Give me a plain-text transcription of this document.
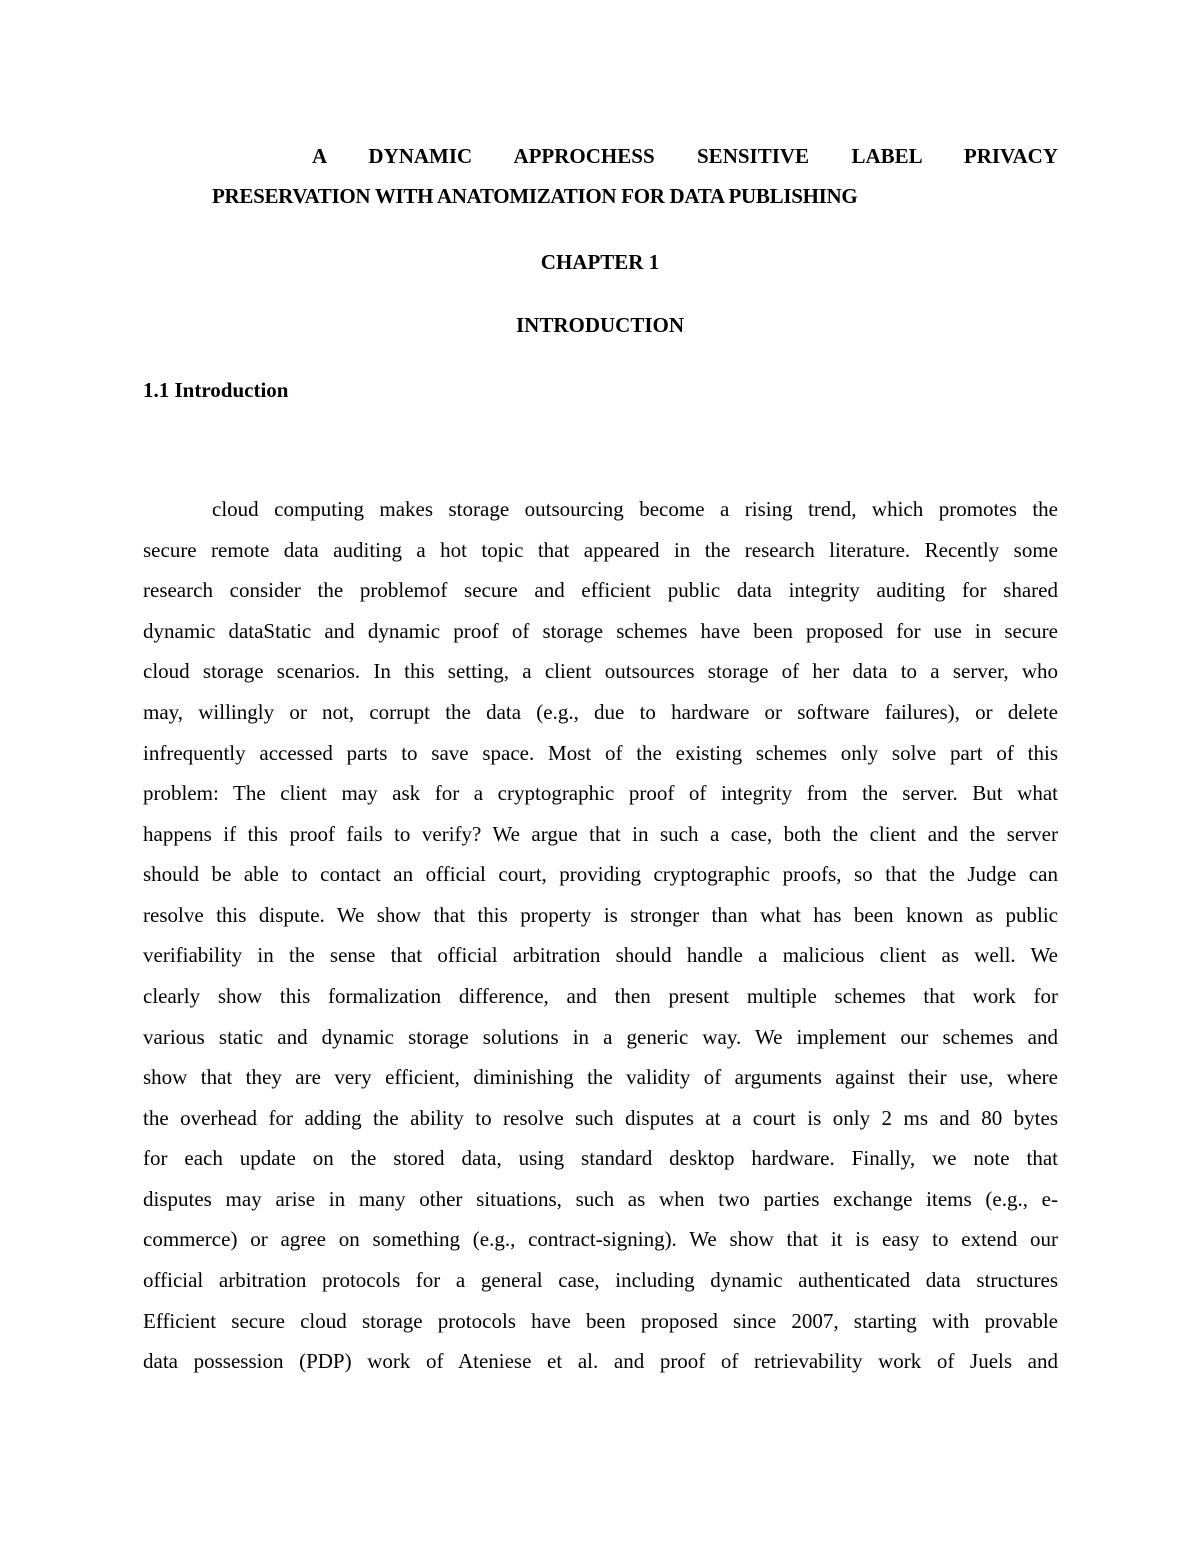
A DYNAMIC APPROCHESS SENSITIVE LABEL PRIVACY
PRESERVATION WITH ANATOMIZATION FOR DATA PUBLISHING
CHAPTER 1
INTRODUCTION
1.1 Introduction
cloud computing makes storage outsourcing become a rising trend, which promotes the
secure remote data auditing a hot topic that appeared in the research literature. Recently some
research consider the problemof secure and efficient public data integrity auditing for shared
dynamic dataStatic and dynamic proof of storage schemes have been proposed for use in secure
cloud storage scenarios. In this setting, a client outsources storage of her data to a server, who
may, willingly or not, corrupt the data (e.g., due to hardware or software failures), or delete
infrequently accessed parts to save space. Most of the existing schemes only solve part of this
problem: The client may ask for a cryptographic proof of integrity from the server. But what
happens if this proof fails to verify? We argue that in such a case, both the client and the server
should be able to contact an official court, providing cryptographic proofs, so that the Judge can
resolve this dispute. We show that this property is stronger than what has been known as public
verifiability in the sense that official arbitration should handle a malicious client as well. We
clearly show this formalization difference, and then present multiple schemes that work for
various static and dynamic storage solutions in a generic way. We implement our schemes and
show that they are very efficient, diminishing the validity of arguments against their use, where
the overhead for adding the ability to resolve such disputes at a court is only 2 ms and 80 bytes
for each update on the stored data, using standard desktop hardware. Finally, we note that
disputes may arise in many other situations, such as when two parties exchange items (e.g., e-
commerce) or agree on something (e.g., contract-signing). We show that it is easy to extend our
official arbitration protocols for a general case, including dynamic authenticated data structures
Efficient secure cloud storage protocols have been proposed since 2007, starting with provable
data possession (PDP) work of Ateniese et al. and proof of retrievability work of Juels and
